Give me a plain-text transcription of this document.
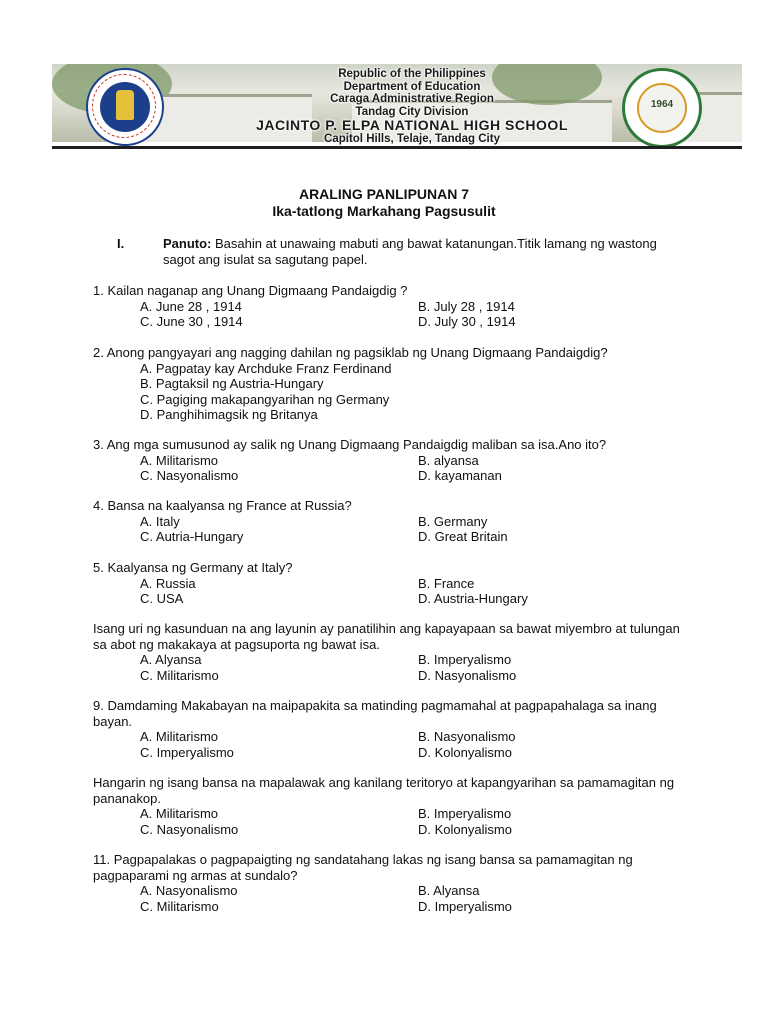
Republic of the Philippines
Department of Education
Caraga Administrative Region
Tandag City Division
JACINTO P. ELPA NATIONAL HIGH SCHOOL
Capitol Hills, Telaje, Tandag City
1964
ARALING PANLIPUNAN 7
Ika-tatlong Markahang Pagsusulit
I.	Panuto: Basahin at unawaing mabuti ang bawat katanungan.Titik lamang ng wastong sagot ang isulat sa sagutang papel.
1. Kailan naganap ang Unang Digmaang Pandaigdig ?
A. June 28 , 1914	B. July 28 , 1914
C. June 30 , 1914	D. July 30 , 1914
2. Anong pangyayari ang nagging dahilan ng pagsiklab ng Unang Digmaang Pandaigdig?
A. Pagpatay kay Archduke Franz Ferdinand
B. Pagtaksil ng Austria-Hungary
C. Pagiging makapangyarihan ng Germany
D. Panghihimagsik ng Britanya
3. Ang mga sumusunod ay salik ng Unang Digmaang Pandaigdig maliban sa isa.Ano ito?
A. Militarismo	B. alyansa
C. Nasyonalismo	D. kayamanan
4. Bansa na kaalyansa ng France at Russia?
A. Italy	B. Germany
C. Autria-Hungary	D. Great Britain
5. Kaalyansa ng Germany at Italy?
A. Russia	B. France
C. USA	D. Austria-Hungary
Isang uri ng kasunduan na ang layunin ay panatilihin ang kapayapaan sa bawat miyembro at tulungan sa abot ng makakaya at pagsuporta ng bawat isa.
A. Alyansa	B. Imperyalismo
C. Militarismo	D. Nasyonalismo
9. Damdaming Makabayan na maipapakita sa matinding pagmamahal at pagpapahalaga sa inang bayan.
A. Militarismo	B. Nasyonalismo
C. Imperyalismo	D. Kolonyalismo
Hangarin ng isang bansa na mapalawak ang kanilang teritoryo at kapangyarihan sa pamamagitan ng pananakop.
A. Militarismo	B. Imperyalismo
C. Nasyonalismo	D. Kolonyalismo
11. Pagpapalakas o pagpapaigting ng sandatahang lakas ng isang bansa sa pamamagitan ng pagpaparami ng armas at sundalo?
A. Nasyonalismo	B. Alyansa
C. Militarismo	D. Imperyalismo
